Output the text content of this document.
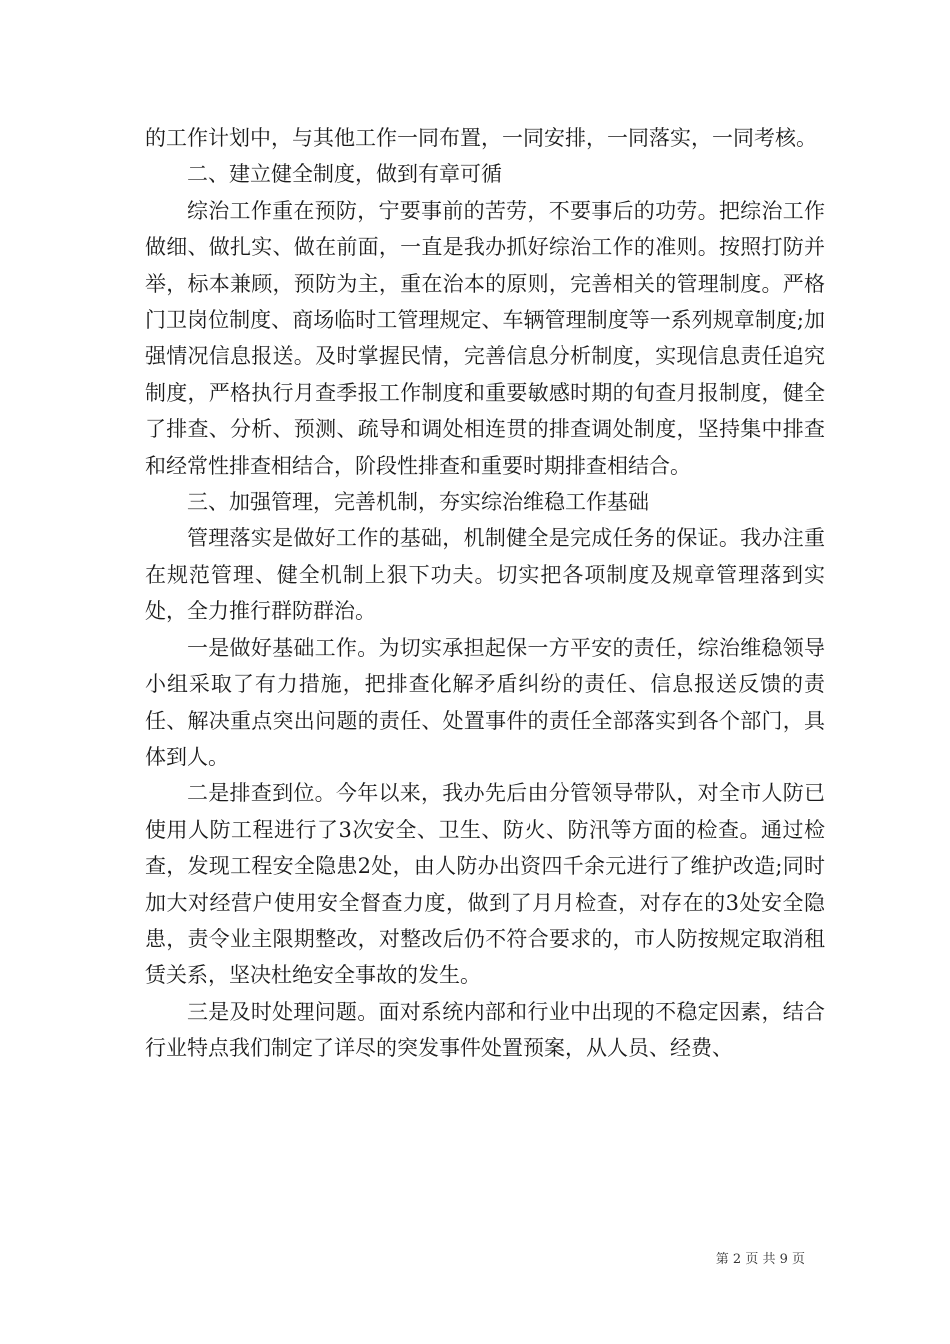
的工作计划中，与其他工作一同布置，一同安排，一同落实，一同考核。

二、建立健全制度，做到有章可循

综治工作重在预防，宁要事前的苦劳，不要事后的功劳。把综治工作做细、做扎实、做在前面，一直是我办抓好综治工作的准则。按照打防并举，标本兼顾，预防为主，重在治本的原则，完善相关的管理制度。严格门卫岗位制度、商场临时工管理规定、车辆管理制度等一系列规章制度;加强情况信息报送。及时掌握民情，完善信息分析制度，实现信息责任追究制度，严格执行月查季报工作制度和重要敏感时期的旬查月报制度，健全了排查、分析、预测、疏导和调处相连贯的排查调处制度，坚持集中排查和经常性排查相结合，阶段性排查和重要时期排查相结合。

三、加强管理，完善机制，夯实综治维稳工作基础

管理落实是做好工作的基础，机制健全是完成任务的保证。我办注重在规范管理、健全机制上狠下功夫。切实把各项制度及规章管理落到实处，全力推行群防群治。

一是做好基础工作。为切实承担起保一方平安的责任，综治维稳领导小组采取了有力措施，把排查化解矛盾纠纷的责任、信息报送反馈的责任、解决重点突出问题的责任、处置事件的责任全部落实到各个部门，具体到人。

二是排查到位。今年以来，我办先后由分管领导带队，对全市人防已使用人防工程进行了3次安全、卫生、防火、防汛等方面的检查。通过检查，发现工程安全隐患2处，由人防办出资四千余元进行了维护改造;同时加大对经营户使用安全督查力度，做到了月月检查，对存在的3处安全隐患，责令业主限期整改，对整改后仍不符合要求的，市人防按规定取消租赁关系，坚决杜绝安全事故的发生。

三是及时处理问题。面对系统内部和行业中出现的不稳定因素，结合行业特点我们制定了详尽的突发事件处置预案，从人员、经费、

第 2 页 共 9 页
